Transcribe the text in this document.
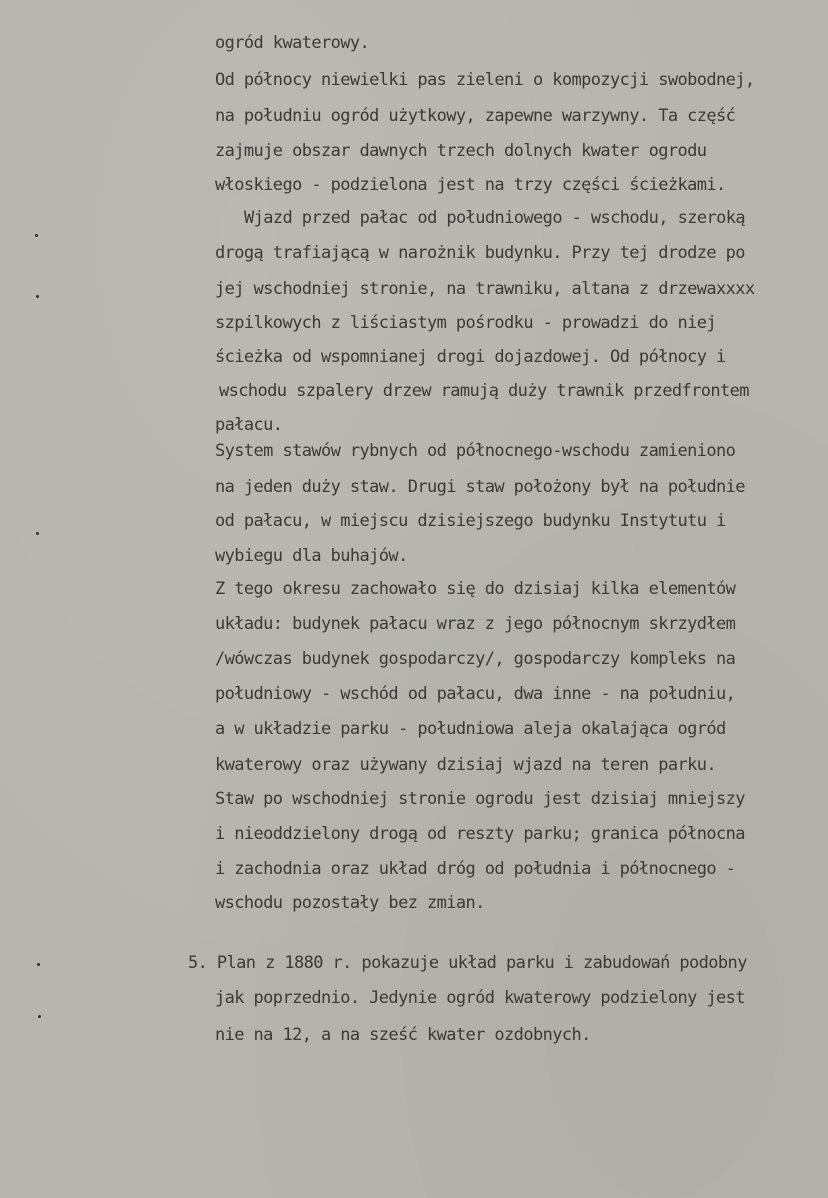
ogród kwaterowy.

Od północy niewielki pas zieleni o kompozycji swobodnej,

na południu ogród użytkowy, zapewne warzywny. Ta część

zajmuje obszar dawnych trzech dolnych kwater ogrodu

włoskiego - podzielona jest na trzy części ścieżkami.

Wjazd przed pałac od południowego - wschodu, szeroką

drogą trafiającą w narożnik budynku. Przy tej drodze po

jej wschodniej stronie, na trawniku, altana z drzewaxxxx

szpilkowych z liściastym pośrodku - prowadzi do niej

ścieżka od wspomnianej drogi dojazdowej. Od północy i

wschodu szpalery drzew ramują duży trawnik przedfrontem

pałacu.

System stawów rybnych od północnego-wschodu zamieniono

na jeden duży staw. Drugi staw położony był na południe

od pałacu, w miejscu dzisiejszego budynku Instytutu i

wybiegu dla buhajów.

Z tego okresu zachowało się do dzisiaj kilka elementów

układu: budynek pałacu wraz z jego północnym skrzydłem

/wówczas budynek gospodarczy/, gospodarczy kompleks na

południowy - wschód od pałacu, dwa inne - na południu,

a w układzie parku - południowa aleja okalająca ogród

kwaterowy oraz używany dzisiaj wjazd na teren parku.

Staw po wschodniej stronie ogrodu jest dzisiaj mniejszy

i nieoddzielony drogą od reszty parku; granica północna

i zachodnia oraz układ dróg od południa i północnego -

wschodu pozostały bez zmian.

5. Plan z 1880 r. pokazuje układ parku i zabudowań podobny

jak poprzednio. Jedynie ogród kwaterowy podzielony jest

nie na 12, a na sześć kwater ozdobnych.
